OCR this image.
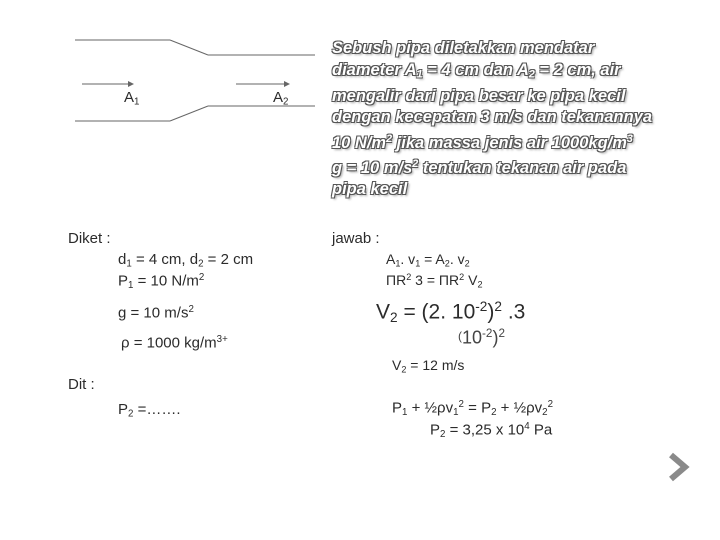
$A_1$	$A_2$
Sebush pipa diletakkan mendatar
diameter $A_1 = 4$ cm dan $A_2 = 2$ cm, air
mengalir dari pipa besar ke pipa kecil
dengan kecepatan 3 m/s dan tekanannya
10 $N/m^2$ jika massa jenis air $1000kg/m^3$
g = 10 $m/s^2$ tentukan tekanan air pada
pipa kecil
Diket :
$d_1 = 4$ cm, $d_2 = 2$ cm
$P_1 = 10$ $N/m^2$
g = 10 $m/s^2$
ρ = 1000 $kg/m^{3+}$
Dit :
$P_2$ =…….
jawab :
$A_1$. $v_1 = A_2$. $v_2$
$\Pi R^2$ $3 = \Pi R^2$ $V_2$
$V_2 = (2$. $10^{-2})^2$ .3
$^(10^{-2})^2$
$V_2 = 12$ m/s
$P_1$ + $\frac{1}{2}\rho v_1^2 = P_2$ + $\frac{1}{2}\rho v_2^2$
$P_2 = 3,25$ x $10^4$ Pa
